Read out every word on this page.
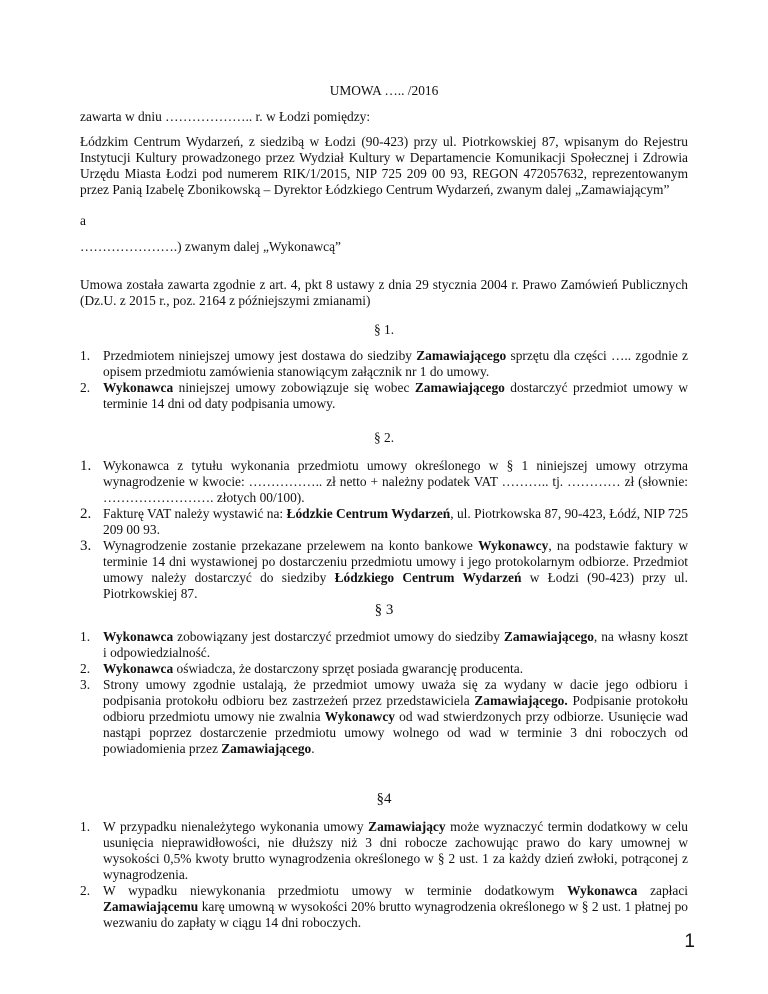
UMOWA ….. /2016
zawarta w dniu ……………….. r. w Łodzi pomiędzy:
Łódzkim Centrum Wydarzeń, z siedzibą w Łodzi (90-423) przy ul. Piotrkowskiej 87, wpisanym do Rejestru Instytucji Kultury prowadzonego przez Wydział Kultury w Departamencie Komunikacji Społecznej i Zdrowia Urzędu Miasta Łodzi pod numerem RIK/1/2015, NIP 725 209 00 93, REGON 472057632, reprezentowanym przez Panią Izabelę Zbonikowską – Dyrektor Łódzkiego Centrum Wydarzeń, zwanym dalej „Zamawiającym”
a
………………….) zwanym dalej „Wykonawcą”
Umowa została zawarta zgodnie z art. 4, pkt 8 ustawy z dnia 29 stycznia 2004 r. Prawo Zamówień Publicznych (Dz.U. z 2015 r., poz. 2164 z późniejszymi zmianami)
§ 1.
1. Przedmiotem niniejszej umowy jest dostawa do siedziby Zamawiającego sprzętu dla części ….. zgodnie z opisem przedmiotu zamówienia stanowiącym załącznik nr 1 do umowy.
2. Wykonawca niniejszej umowy zobowiązuje się wobec Zamawiającego dostarczyć przedmiot umowy w terminie 14 dni od daty podpisania umowy.
§ 2.
1. Wykonawca z tytułu wykonania przedmiotu umowy określonego w § 1 niniejszej umowy otrzyma wynagrodzenie w kwocie: …………….. zł netto + należny podatek VAT ……….. tj. ………… zł (słownie: ……………………. złotych 00/100).
2. Fakturę VAT należy wystawić na: Łódzkie Centrum Wydarzeń, ul. Piotrkowska 87, 90-423, Łódź, NIP 725 209 00 93.
3. Wynagrodzenie zostanie przekazane przelewem na konto bankowe Wykonawcy, na podstawie faktury w terminie 14 dni wystawionej po dostarczeniu przedmiotu umowy i jego protokolarnym odbiorze. Przedmiot umowy należy dostarczyć do siedziby Łódzkiego Centrum Wydarzeń w Łodzi (90-423) przy ul. Piotrkowskiej 87.
§ 3
1. Wykonawca zobowiązany jest dostarczyć przedmiot umowy do siedziby Zamawiającego, na własny koszt i odpowiedzialność.
2. Wykonawca oświadcza, że dostarczony sprzęt posiada gwarancję producenta.
3. Strony umowy zgodnie ustalają, że przedmiot umowy uważa się za wydany w dacie jego odbioru i podpisania protokołu odbioru bez zastrzeżeń przez przedstawiciela Zamawiającego. Podpisanie protokołu odbioru przedmiotu umowy nie zwalnia Wykonawcy od wad stwierdzonych przy odbiorze. Usunięcie wad nastąpi poprzez dostarczenie przedmiotu umowy wolnego od wad w terminie 3 dni roboczych od powiadomienia przez Zamawiającego.
§4
1. W przypadku nienależytego wykonania umowy Zamawiający może wyznaczyć termin dodatkowy w celu usunięcia nieprawidłowości, nie dłuższy niż 3 dni robocze zachowując prawo do kary umownej w wysokości 0,5% kwoty brutto wynagrodzenia określonego w § 2 ust. 1 za każdy dzień zwłoki, potrąconej z wynagrodzenia.
2. W wypadku niewykonania przedmiotu umowy w terminie dodatkowym Wykonawca zapłaci Zamawiającemu karę umowną w wysokości 20% brutto wynagrodzenia określonego w § 2 ust. 1 płatnej po wezwaniu do zapłaty w ciągu 14 dni roboczych.
1
